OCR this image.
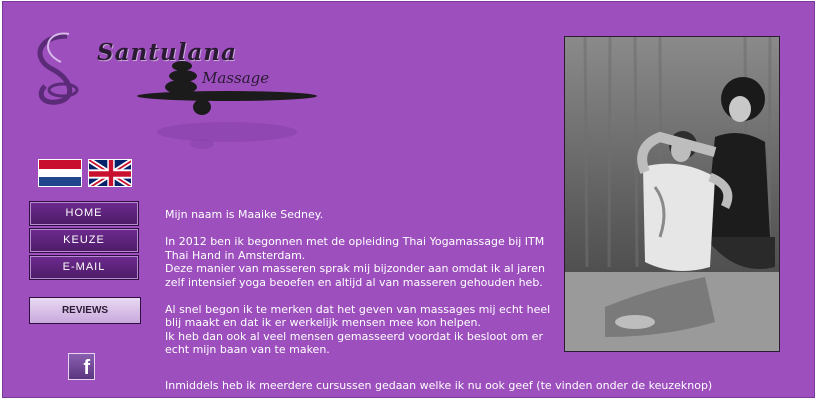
Santulana
Massage
HOME
KEUZE
E-MAIL
REVIEWS
f

Mijn naam is Maaike Sedney.

In 2012 ben ik begonnen met de opleiding Thai Yogamassage bij ITM Thai Hand in Amsterdam.
Deze manier van masseren sprak mij bijzonder aan omdat ik al jaren zelf intensief yoga beoefen en altijd al van masseren gehouden heb.

Al snel begon ik te merken dat het geven van massages mij echt heel blij maakt en dat ik er werkelijk mensen mee kon helpen.
Ik heb dan ook al veel mensen gemasseerd voordat ik besloot om er echt mijn baan van te maken.

Inmiddels heb ik meerdere cursussen gedaan welke ik nu ook geef (te vinden onder de keuzeknop)
